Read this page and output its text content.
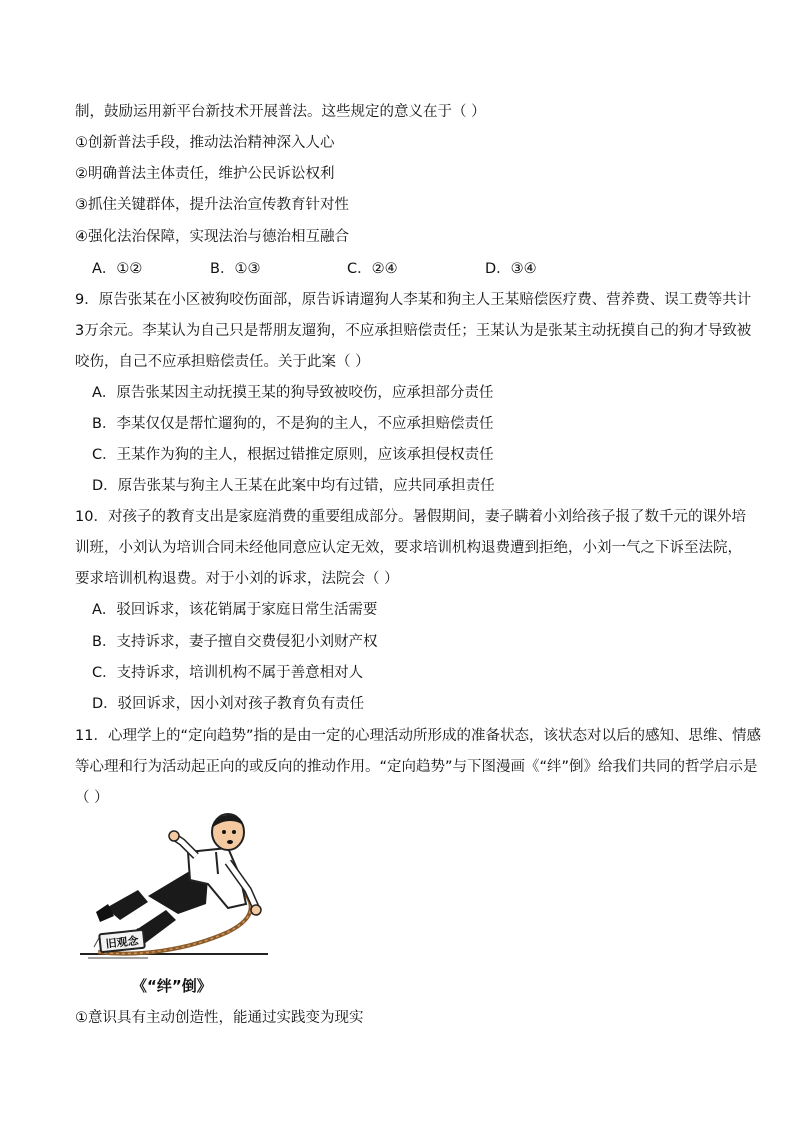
制，鼓励运用新平台新技术开展普法。这些规定的意义在于（ ）
①创新普法手段，推动法治精神深入人心
②明确普法主体责任，维护公民诉讼权利
③抓住关键群体，提升法治宣传教育针对性
④强化法治保障，实现法治与德治相互融合
A．①②	B．①③	C．②④	D．③④
9．原告张某在小区被狗咬伤面部，原告诉请遛狗人李某和狗主人王某赔偿医疗费、营养费、误工费等共计
3万余元。李某认为自己只是帮朋友遛狗，不应承担赔偿责任；王某认为是张某主动抚摸自己的狗才导致被
咬伤，自己不应承担赔偿责任。关于此案（ ）
A．原告张某因主动抚摸王某的狗导致被咬伤，应承担部分责任
B．李某仅仅是帮忙遛狗的，不是狗的主人，不应承担赔偿责任
C．王某作为狗的主人，根据过错推定原则，应该承担侵权责任
D．原告张某与狗主人王某在此案中均有过错，应共同承担责任
10．对孩子的教育支出是家庭消费的重要组成部分。暑假期间，妻子瞒着小刘给孩子报了数千元的课外培
训班，小刘认为培训合同未经他同意应认定无效，要求培训机构退费遭到拒绝，小刘一气之下诉至法院，
要求培训机构退费。对于小刘的诉求，法院会（ ）
A．驳回诉求，该花销属于家庭日常生活需要
B．支持诉求，妻子擅自交费侵犯小刘财产权
C．支持诉求，培训机构不属于善意相对人
D．驳回诉求，因小刘对孩子教育负有责任
11．心理学上的“定向趋势”指的是由一定的心理活动所形成的准备状态，该状态对以后的感知、思维、情感
等心理和行为活动起正向的或反向的推动作用。“定向趋势”与下图漫画《“绊”倒》给我们共同的哲学启示是
（ ）
旧观念
《“绊”倒》
①意识具有主动创造性，能通过实践变为现实
